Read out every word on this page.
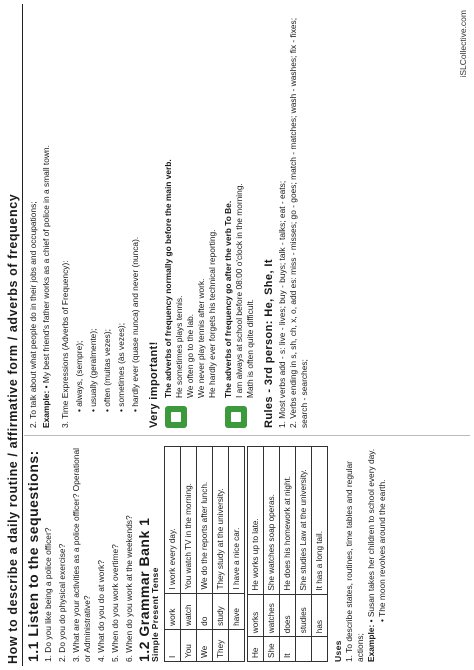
How to describe a daily routine / affirmative form / adverbs of frequency 1.1 Listen to the sequestions: 1. Do you like being a police officer? 2. Do you do physical exercise? 3. What are your activities as a police officer? Operational or Administrative? 4. What do you do at work? 5. When do you work overtime? 6. When do you work at the weekends? 1.2 Grammar Bank 1
Simple Present Tense I	work	I work every day.
You	watch	You watch TV in the morning.
We	do	We do the reports after lunch.
They	study	They study at the university.
	have	I have a nice car.
He	works	He works up to late.
She	watches	She watches soap operas.
It	does	He does his homework at night.
	studies	She studies Law at the university.
	has	It has a long tail.
Uses 1. To describe states, routines, time tables and regular actions; Example: • Susan takes her children to school every day. • The moon revolves around the earth.
2. To talk about what people do in their jobs and occupations; Example: • My best friend's father works as a chief of police in a small town. 3. Time Expressions (Adverbs of Frequency): • always, (sempre); • usually (geralmente); • often (muitas vezes); • sometimes (às vezes); • hardly ever (quase nunca) and never (nunca). Very important! The adverbs of frequency normally go before the main verb. He sometimes plays tennis. We often go to the lab. We never play tennis after work. He hardly ever forgets his technical reporting. The adverbs of frequency go after the verb To Be. I am always at school before 08:00 o'clock in the morning. Math is often quite difficult. Rules - 3rd person: He, She, It 1. Most verbs add - s: live - lives; buy - buys; talk - talks; eat - eats; 2. Verbs ending in s, sh, ch, x, o, add es: miss - misses; go - goes; match - matches; wash - washes; fix - fixes; search - searches;
iSLCollective.com
